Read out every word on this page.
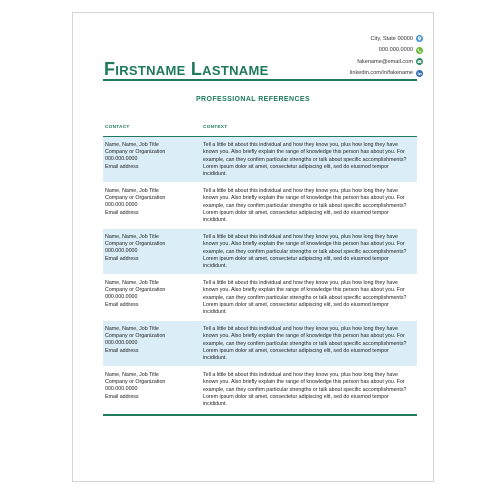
Firstname Lastname
City, State 00000
000.000.0000
fakename@email.com
linkedin.com/in/fakename
PROFESSIONAL REFERENCES
CONTACT	CONTEXT
Name, Name, Job Title
Company or Organization
000.000.0000
Email address
Tell a little bit about this individual and how they know you, plus how long they have known you. Also briefly explain the range of knowledge this person has about you. For example, can they confirm particular strengths or talk about specific accomplishments? Lorem ipsum dolor sit amet, consectetur adipiscing elit, sed do eiusmod tempor incididunt.
Name, Name, Job Title
Company or Organization
000.000.0000
Email address
Tell a little bit about this individual and how they know you, plus how long they have known you. Also briefly explain the range of knowledge this person has about you. For example, can they confirm particular strengths or talk about specific accomplishments? Lorem ipsum dolor sit amet, consectetur adipiscing elit, sed do eiusmod tempor incididunt.
Name, Name, Job Title
Company or Organization
000.000.0000
Email address
Tell a little bit about this individual and how they know you, plus how long they have known you. Also briefly explain the range of knowledge this person has about you. For example, can they confirm particular strengths or talk about specific accomplishments? Lorem ipsum dolor sit amet, consectetur adipiscing elit, sed do eiusmod tempor incididunt.
Name, Name, Job Title
Company or Organization
000.000.0000
Email address
Tell a little bit about this individual and how they know you, plus how long they have known you. Also briefly explain the range of knowledge this person has about you. For example, can they confirm particular strengths or talk about specific accomplishments? Lorem ipsum dolor sit amet, consectetur adipiscing elit, sed do eiusmod tempor incididunt.
Name, Name, Job Title
Company or Organization
000.000.0000
Email address
Tell a little bit about this individual and how they know you, plus how long they have known you. Also briefly explain the range of knowledge this person has about you. For example, can they confirm particular strengths or talk about specific accomplishments? Lorem ipsum dolor sit amet, consectetur adipiscing elit, sed do eiusmod tempor incididunt.
Name, Name, Job Title
Company or Organization
000.000.0000
Email address
Tell a little bit about this individual and how they know you, plus how long they have known you. Also briefly explain the range of knowledge this person has about you. For example, can they confirm particular strengths or talk about specific accomplishments? Lorem ipsum dolor sit amet, consectetur adipiscing elit, sed do eiusmod tempor incididunt.
